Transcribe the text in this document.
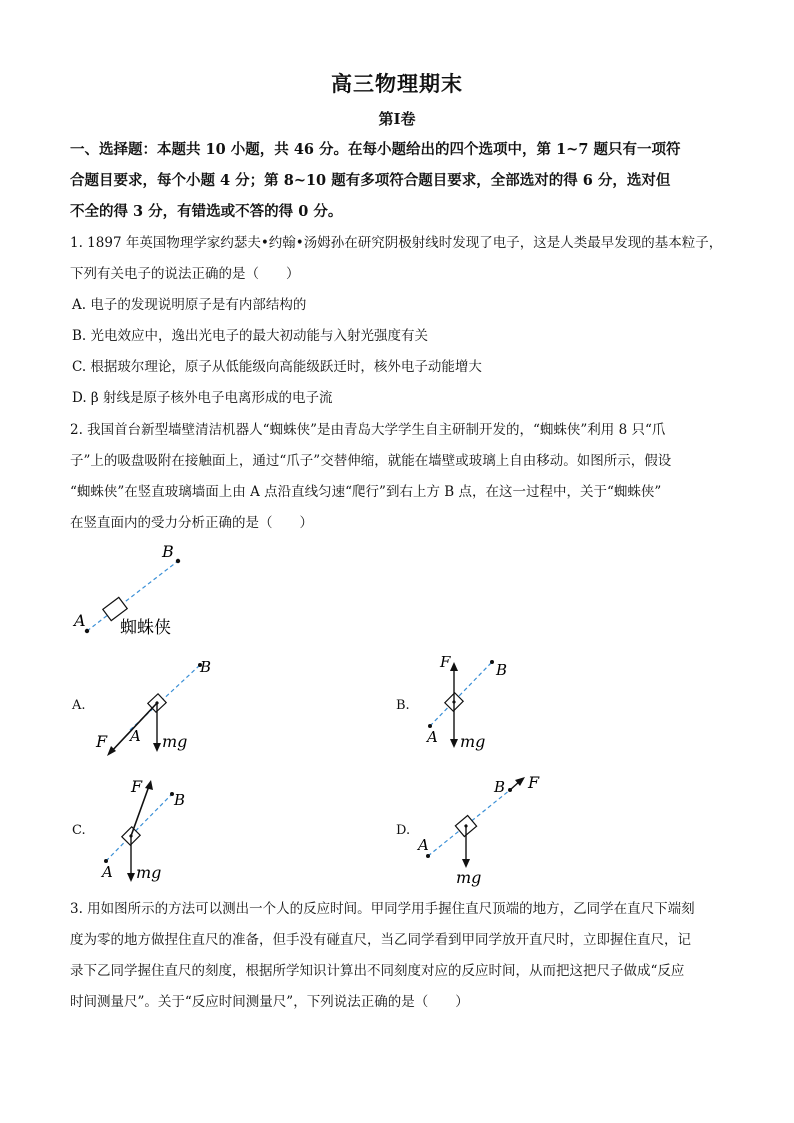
高三物理期末
第Ⅰ卷
一、选择题：本题共 10 小题，共 46 分。在每小题给出的四个选项中，第 1~7 题只有一项符
合题目要求，每个小题 4 分；第 8~10 题有多项符合题目要求，全部选对的得 6 分，选对但
不全的得 3 分，有错选或不答的得 0 分。
1. 1897 年英国物理学家约瑟夫•约翰•汤姆孙在研究阴极射线时发现了电子，这是人类最早发现的基本粒子，
下列有关电子的说法正确的是（　　）
A. 电子的发现说明原子是有内部结构的
B. 光电效应中，逸出光电子的最大初动能与入射光强度有关
C. 根据玻尔理论，原子从低能级向高能级跃迁时，核外电子动能增大
D. β 射线是原子核外电子电离形成的电子流
2. 我国首台新型墙壁清洁机器人“蜘蛛侠”是由青岛大学学生自主研制开发的，“蜘蛛侠”利用 8 只“爪
子”上的吸盘吸附在接触面上，通过“爪子”交替伸缩，就能在墙壁或玻璃上自由移动。如图所示，假设
“蜘蛛侠”在竖直玻璃墙面上由 A 点沿直线匀速“爬行”到右上方 B 点，在这一过程中，关于“蜘蛛侠”
在竖直面内的受力分析正确的是（　　）
A
B
蜘蛛侠
A.
F	mg
A
B
B.
F
mg
A
B
C.
F
mg
A
B
D.
F
mg
A
B
3. 用如图所示的方法可以测出一个人的反应时间。甲同学用手握住直尺顶端的地方，乙同学在直尺下端刻
度为零的地方做捏住直尺的准备，但手没有碰直尺，当乙同学看到甲同学放开直尺时，立即握住直尺，记
录下乙同学握住直尺的刻度，根据所学知识计算出不同刻度对应的反应时间，从而把这把尺子做成“反应
时间测量尺”。关于“反应时间测量尺”，下列说法正确的是（　　）
